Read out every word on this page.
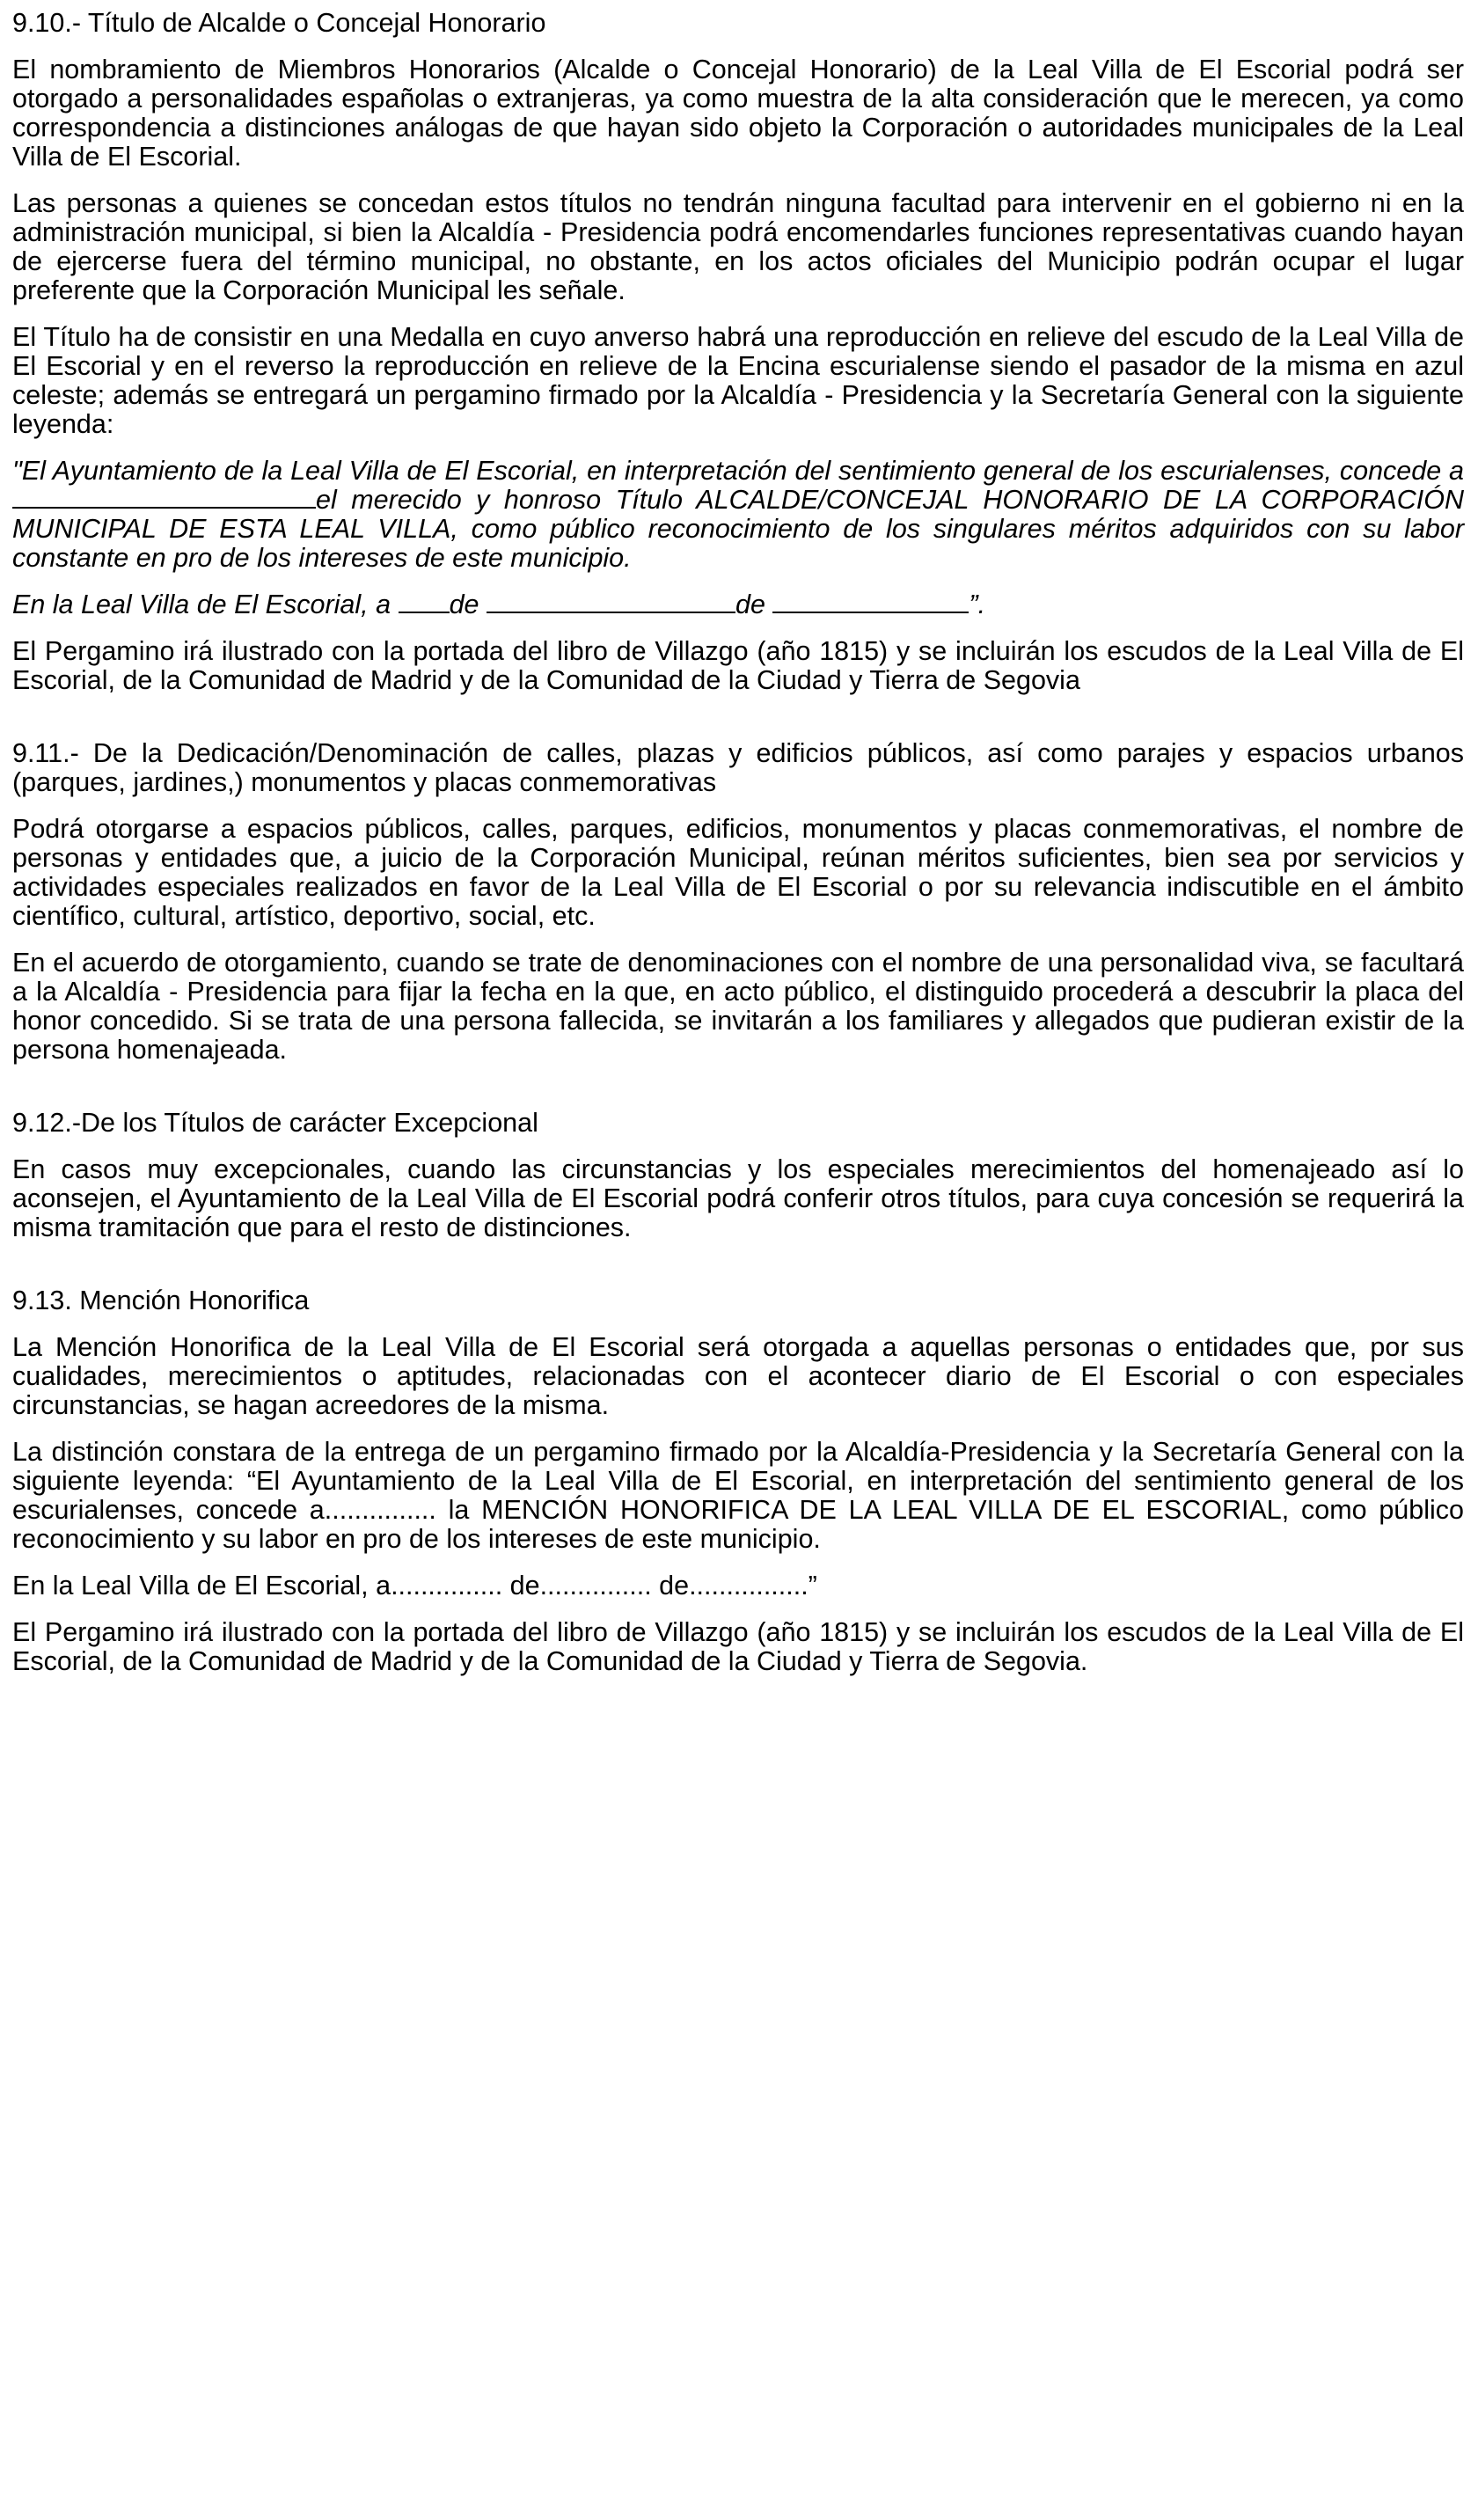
9.10.- Título de Alcalde o Concejal Honorario

El nombramiento de Miembros Honorarios (Alcalde o Concejal Honorario) de la Leal Villa de El Escorial podrá ser otorgado a personalidades españolas o extranjeras, ya como muestra de la alta consideración que le merecen, ya como correspondencia a distinciones análogas de que hayan sido objeto la Corporación o autoridades municipales de la Leal Villa de El Escorial.

Las personas a quienes se concedan estos títulos no tendrán ninguna facultad para intervenir en el gobierno ni en la administración municipal, si bien la Alcaldía - Presidencia podrá encomendarles funciones representativas cuando hayan de ejercerse fuera del término municipal, no obstante, en los actos oficiales del Municipio podrán ocupar el lugar preferente que la Corporación Municipal les señale.

El Título ha de consistir en una Medalla en cuyo anverso habrá una reproducción en relieve del escudo de la Leal Villa de El Escorial y en el reverso la reproducción en relieve de la Encina escurialense siendo el pasador de la misma en azul celeste; además se entregará un pergamino firmado por la Alcaldía - Presidencia y la Secretaría General con la siguiente leyenda:

"El Ayuntamiento de la Leal Villa de El Escorial, en interpretación del sentimiento general de los escurialenses, concede a el merecido y honroso Título ALCALDE/CONCEJAL HONORARIO DE LA CORPORACIÓN MUNICIPAL DE ESTA LEAL VILLA, como público reconocimiento de los singulares méritos adquiridos con su labor constante en pro de los intereses de este municipio.

En la Leal Villa de El Escorial, a de	de	”.

El Pergamino irá ilustrado con la portada del libro de Villazgo (año 1815) y se incluirán los escudos de la Leal Villa de El Escorial, de la Comunidad de Madrid y de la Comunidad de la Ciudad y Tierra de Segovia

9.11.- De la Dedicación/Denominación de calles, plazas y edificios públicos, así como parajes y espacios urbanos (parques, jardines,) monumentos y placas conmemorativas

Podrá otorgarse a espacios públicos, calles, parques, edificios, monumentos y placas conmemorativas, el nombre de personas y entidades que, a juicio de la Corporación Municipal, reúnan méritos suficientes, bien sea por servicios y actividades especiales realizados en favor de la Leal Villa de El Escorial o por su relevancia indiscutible en el ámbito científico, cultural, artístico, deportivo, social, etc.

En el acuerdo de otorgamiento, cuando se trate de denominaciones con el nombre de una personalidad viva, se facultará a la Alcaldía - Presidencia para fijar la fecha en la que, en acto público, el distinguido procederá a descubrir la placa del honor concedido. Si se trata de una persona fallecida, se invitarán a los familiares y allegados que pudieran existir de la persona homenajeada.

9.12.-De los Títulos de carácter Excepcional

En casos muy excepcionales, cuando las circunstancias y los especiales merecimientos del homenajeado así lo aconsejen, el Ayuntamiento de la Leal Villa de El Escorial podrá conferir otros títulos, para cuya concesión se requerirá la misma tramitación que para el resto de distinciones.

9.13. Mención Honorifica

La Mención Honorifica de la Leal Villa de El Escorial será otorgada a aquellas personas o entidades que, por sus cualidades, merecimientos o aptitudes, relacionadas con el acontecer diario de El Escorial o con especiales circunstancias, se hagan acreedores de la misma.

La distinción constara de la entrega de un pergamino firmado por la Alcaldía-Presidencia y la Secretaría General con la siguiente leyenda: “El Ayuntamiento de la Leal Villa de El Escorial, en interpretación del sentimiento general de los escurialenses, concede a............... la MENCIÓN HONORIFICA DE LA LEAL VILLA DE EL ESCORIAL, como público reconocimiento y su labor en pro de los intereses de este municipio.

En la Leal Villa de El Escorial, a............... de............... de................”

El Pergamino irá ilustrado con la portada del libro de Villazgo (año 1815) y se incluirán los escudos de la Leal Villa de El Escorial, de la Comunidad de Madrid y de la Comunidad de la Ciudad y Tierra de Segovia.
